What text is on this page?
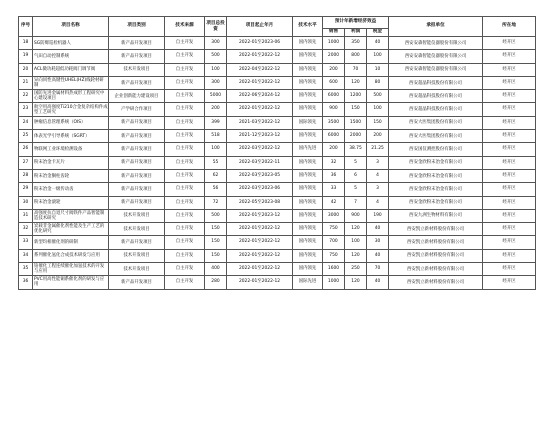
序号	项目名称	项目类别	技术来源	项目总投资	项目起止年月	技术水平	预计年新增经济效益			承担单位	所在地
							销售	利润	税金		
18	SG防爆巡检机器人	新产品开发项目	自主开发	300	2022-01至2023-06	国内领先	1000	350	40	西安安森智能仪器股份有限公司	经开区
19	气田自动控制系统	新产品开发项目	自主开发	500	2022-01至2022-12	国内领先	2000	800	100	西安安森智能仪器股份有限公司	经开区
20	ACL微功耗超低功耗阀门调节阀	技术开发项目	自主开发	100	2022-04至2022-12	国内领先	200	70	10	西安安森智能仪器股份有限公司	经开区
21	异向同性高键性UHEL(HZ)线轮材研制	新产品开发项目	自主开发	300	2022-01至2022-12	国内领先	600	120	80	西安超晶科技股份有限公司	经开区
22	国防先进金属材料热成形工程研究中心建设项目	企业创新能力建设项目	自主开发	5000	2022-06至2024-12	国内领先	6000	1200	500	西安超晶科技股份有限公司	经开区
23	航空用高强度Ti210合金复杂结构件成型工艺研究	产学研合作项目	自主开发	200	2022-01至2022-12	国内领先	900	150	100	西安超晶科技股份有限公司	经开区
24	肿瘤信息管理系统（OIS）	新产品开发项目	自主开发	399	2021-03至2022-12	国际领先	3500	1500	150	西安大医集团股份有限公司	经开区
25	体表光学引导系统（SGRT）	新产品开发项目	自主开发	518	2021-12至2023-12	国内领先	6000	2000	200	西安大医集团股份有限公司	经开区
26	物联网工业环境检测设备	新产品开发项目	自主开发	100	2022-03至2022-12	国内先进	200	38.75	21.25	西安国仪测控股份有限公司	经开区
27	粉末冶金卡瓦片	新产品开发项目	自主开发	55	2022-03至2022-11	国内领先	32	5	3	西安金欣粉末冶金有限公司	经开区
28	粉末冶金胴柱齿轮	新产品开发项目	自主开发	62	2022-03至2023-05	国内领先	36	6	4	西安金欣粉末冶金有限公司	经开区
29	粉末冶金一级传动齿	新产品开发项目	自主开发	56	2022-03至2023-06	国内领先	33	5	3	西安金欣粉末冶金有限公司	经开区
30	粉末冶金滚轮	新产品开发项目	自主开发	72	2022-05至2023-08	国内领先	42	7	4	西安金欣粉末冶金有限公司	经开区
31	高强度抗自退尺寸阀铁件产品智能制造技术研究	技术开发项目	自主开发	500	2022-01至2023-12	国内领先	3000	900	190	西安九洲生物材料有限公司	经开区
32	炭载非金属催化剂性能及生产工艺的优化研究	技术开发项目	自主开发	150	2022-01至2022-12	国内领先	750	120	40	西安凯立新材料股份有限公司	经开区
33	新型均相催化剂的研制	新产品开发项目	自主开发	150	2022-01至2022-12	国内领先	700	100	30	西安凯立新材料股份有限公司	经开区
34	系列催化氢化合成技术研发与应用	技术开发项目	自主开发	150	2022-01至2022-12	国内领先	750	120	40	西安凯立新材料股份有限公司	经开区
35	铂催化工程连续催化加氢技术的开发与应用	技术开发项目	自主开发	400	2022-01至2022-12	国内领先	1600	250	70	西安凯立新材料股份有限公司	经开区
36	PVC用高性能铜系催化剂的研发与应用	新产品开发项目	自主开发	280	2022-01至2022-12	国际先进	1000	120	40	西安凯立新材料股份有限公司	经开区
